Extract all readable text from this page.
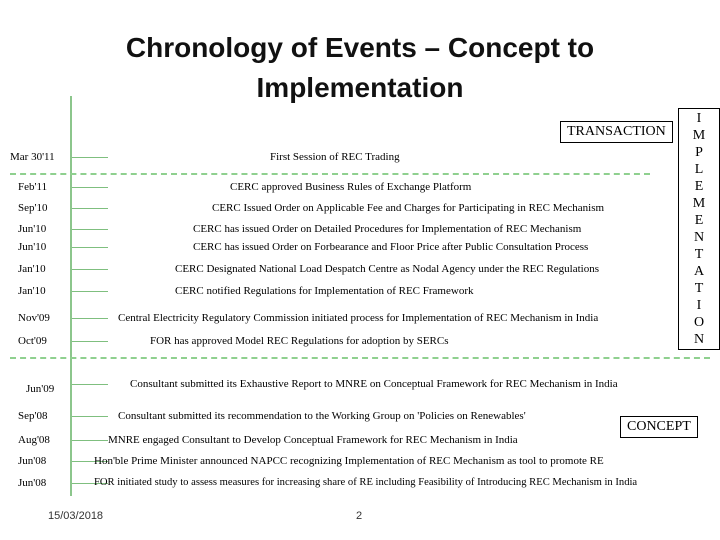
Chronology of Events – Concept to Implementation
TRANSACTION
I
M
P
L
E
M
E
N
T
A
T
I
O
N
CONCEPT
Mar 30'11	First Session of REC Trading
Feb'11	CERC approved Business Rules of Exchange Platform
Sep'10	CERC Issued Order on Applicable Fee and Charges for Participating in REC Mechanism
Jun'10	CERC has issued Order on Detailed Procedures for Implementation of REC Mechanism
Jun'10	CERC has issued Order on Forbearance and Floor Price after Public Consultation Process
Jan'10	CERC Designated National Load Despatch Centre as Nodal Agency under the REC Regulations
Jan'10	CERC notified Regulations for Implementation of REC Framework
Nov'09	Central Electricity Regulatory Commission initiated process for Implementation of REC Mechanism in India
Oct'09	FOR has approved Model REC Regulations for adoption by SERCs
Jun'09	Consultant submitted its Exhaustive Report to MNRE on Conceptual Framework for REC Mechanism in India
Sep'08	Consultant submitted its recommendation to the Working Group on 'Policies on Renewables'
Aug'08	MNRE engaged Consultant to Develop Conceptual Framework for REC Mechanism in India
Jun'08	Hon'ble Prime Minister announced NAPCC recognizing Implementation of REC Mechanism as tool to promote RE
Jun'08	FOR initiated study to assess measures for increasing share of RE including Feasibility of Introducing REC Mechanism in India
15/03/2018	2
